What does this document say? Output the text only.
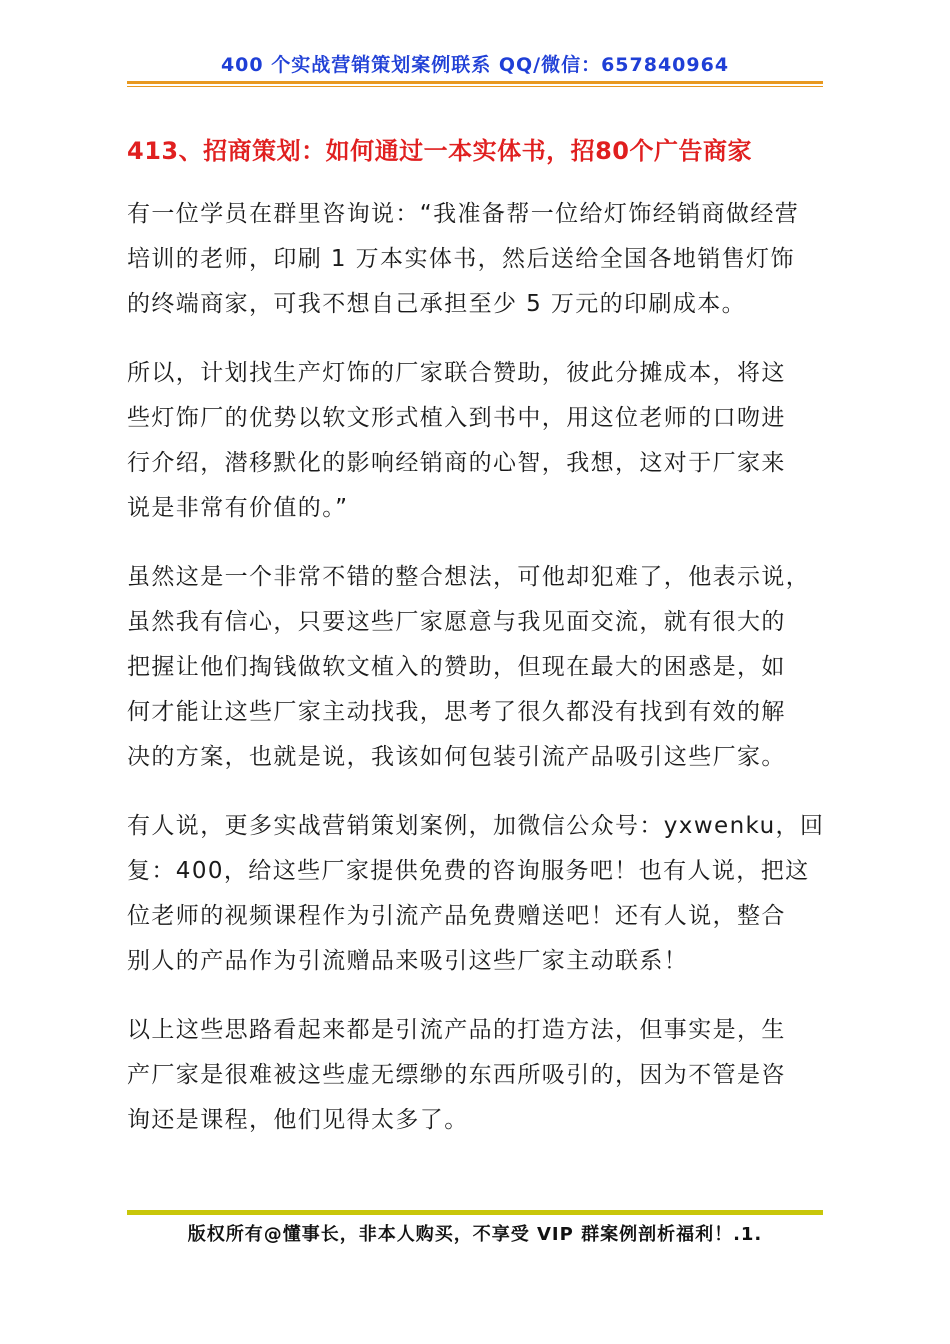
400 个实战营销策划案例联系 QQ/微信：657840964
413、招商策划：如何通过一本实体书，招80个广告商家

有一位学员在群里咨询说：“我准备帮一位给灯饰经销商做经营
培训的老师，印刷 1 万本实体书，然后送给全国各地销售灯饰
的终端商家，可我不想自己承担至少 5 万元的印刷成本。

所以，计划找生产灯饰的厂家联合赞助，彼此分摊成本，将这
些灯饰厂的优势以软文形式植入到书中，用这位老师的口吻进
行介绍，潜移默化的影响经销商的心智，我想，这对于厂家来
说是非常有价值的。”

虽然这是一个非常不错的整合想法，可他却犯难了，他表示说，
虽然我有信心，只要这些厂家愿意与我见面交流，就有很大的
把握让他们掏钱做软文植入的赞助，但现在最大的困惑是，如
何才能让这些厂家主动找我，思考了很久都没有找到有效的解
决的方案，也就是说，我该如何包装引流产品吸引这些厂家。

有人说，更多实战营销策划案例，加微信公众号：yxwenku，回
复：400，给这些厂家提供免费的咨询服务吧！也有人说，把这
位老师的视频课程作为引流产品免费赠送吧！还有人说，整合
别人的产品作为引流赠品来吸引这些厂家主动联系！

以上这些思路看起来都是引流产品的打造方法，但事实是，生
产厂家是很难被这些虚无缥缈的东西所吸引的，因为不管是咨
询还是课程，他们见得太多了。

版权所有@懂事长，非本人购买，不享受 VIP 群案例剖析福利！.1.
